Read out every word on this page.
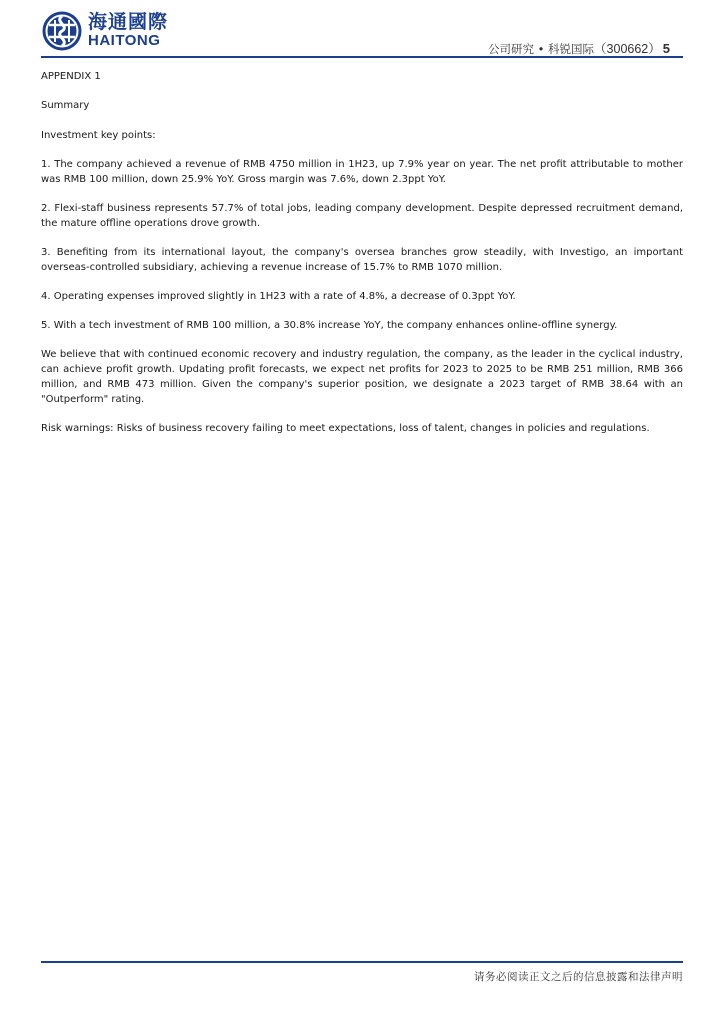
海通國際
HAITONG	公司研究 • 科锐国际（300662） 5

APPENDIX 1

Summary

Investment key points:

1. The company achieved a revenue of RMB 4750 million in 1H23, up 7.9% year on year. The net profit attributable to mother was RMB 100 million, down 25.9% YoY. Gross margin was 7.6%, down 2.3ppt YoY.

2. Flexi-staff business represents 57.7% of total jobs, leading company development. Despite depressed recruitment demand, the mature offline operations drove growth.

3. Benefiting from its international layout, the company's oversea branches grow steadily, with Investigo, an important overseas-controlled subsidiary, achieving a revenue increase of 15.7% to RMB 1070 million.

4. Operating expenses improved slightly in 1H23 with a rate of 4.8%, a decrease of 0.3ppt YoY.

5. With a tech investment of RMB 100 million, a 30.8% increase YoY, the company enhances online-offline synergy.

We believe that with continued economic recovery and industry regulation, the company, as the leader in the cyclical industry, can achieve profit growth. Updating profit forecasts, we expect net profits for 2023 to 2025 to be RMB 251 million, RMB 366 million, and RMB 473 million. Given the company's superior position, we designate a 2023 target of RMB 38.64 with an "Outperform" rating.

Risk warnings: Risks of business recovery failing to meet expectations, loss of talent, changes in policies and regulations.

请务必阅读正文之后的信息披露和法律声明
